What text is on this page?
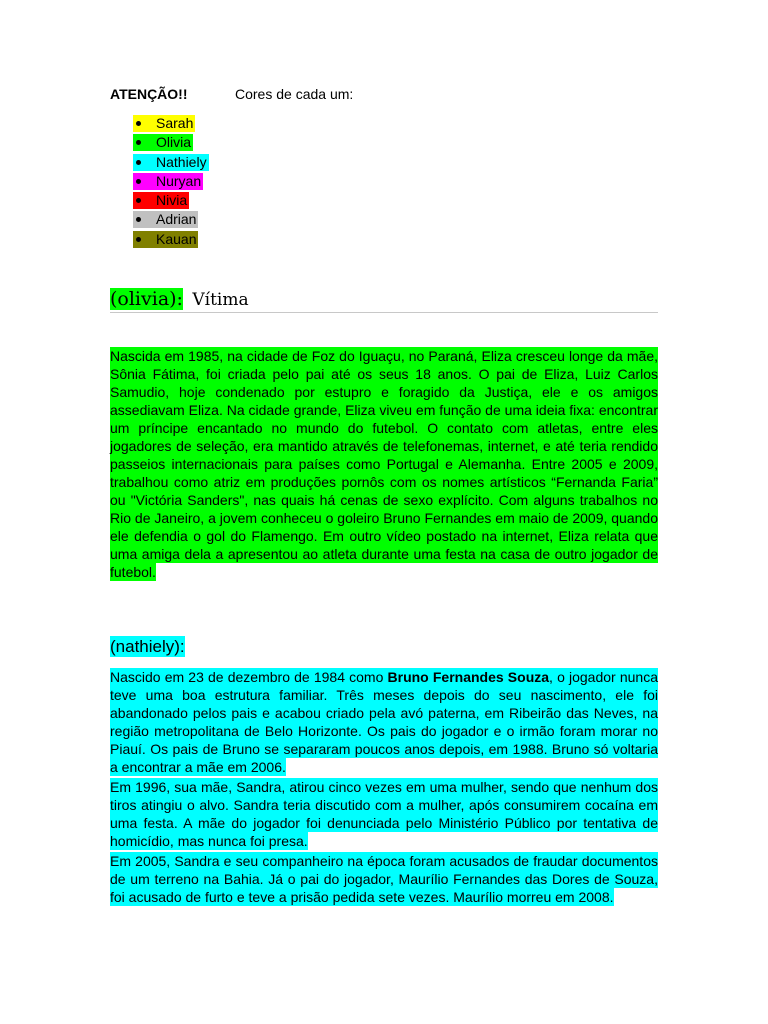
ATENÇÃO!!	Cores de cada um:
Sarah
Olivia
Nathiely
Nuryan
Nivia
Adrian
Kauan
(olivia): Vítima
Nascida em 1985, na cidade de Foz do Iguaçu, no Paraná, Eliza cresceu longe da mãe, Sônia Fátima, foi criada pelo pai até os seus 18 anos. O pai de Eliza, Luiz Carlos Samudio, hoje condenado por estupro e foragido da Justiça, ele e os amigos assediavam Eliza. Na cidade grande, Eliza viveu em função de uma ideia fixa: encontrar um príncipe encantado no mundo do futebol. O contato com atletas, entre eles jogadores de seleção, era mantido através de telefonemas, internet, e até teria rendido passeios internacionais para países como Portugal e Alemanha. Entre 2005 e 2009, trabalhou como atriz em produções pornôs com os nomes artísticos “Fernanda Faria” ou "Victória Sanders", nas quais há cenas de sexo explícito. Com alguns trabalhos no Rio de Janeiro, a jovem conheceu o goleiro Bruno Fernandes em maio de 2009, quando ele defendia o gol do Flamengo. Em outro vídeo postado na internet, Eliza relata que uma amiga dela a apresentou ao atleta durante uma festa na casa de outro jogador de futebol.
(nathiely):
Nascido em 23 de dezembro de 1984 como Bruno Fernandes Souza, o jogador nunca teve uma boa estrutura familiar. Três meses depois do seu nascimento, ele foi abandonado pelos pais e acabou criado pela avó paterna, em Ribeirão das Neves, na região metropolitana de Belo Horizonte. Os pais do jogador e o irmão foram morar no Piauí. Os pais de Bruno se separaram poucos anos depois, em 1988. Bruno só voltaria a encontrar a mãe em 2006.
Em 1996, sua mãe, Sandra, atirou cinco vezes em uma mulher, sendo que nenhum dos tiros atingiu o alvo. Sandra teria discutido com a mulher, após consumirem cocaína em uma festa. A mãe do jogador foi denunciada pelo Ministério Público por tentativa de homicídio, mas nunca foi presa.
Em 2005, Sandra e seu companheiro na época foram acusados de fraudar documentos de um terreno na Bahia. Já o pai do jogador, Maurílio Fernandes das Dores de Souza, foi acusado de furto e teve a prisão pedida sete vezes. Maurílio morreu em 2008.
